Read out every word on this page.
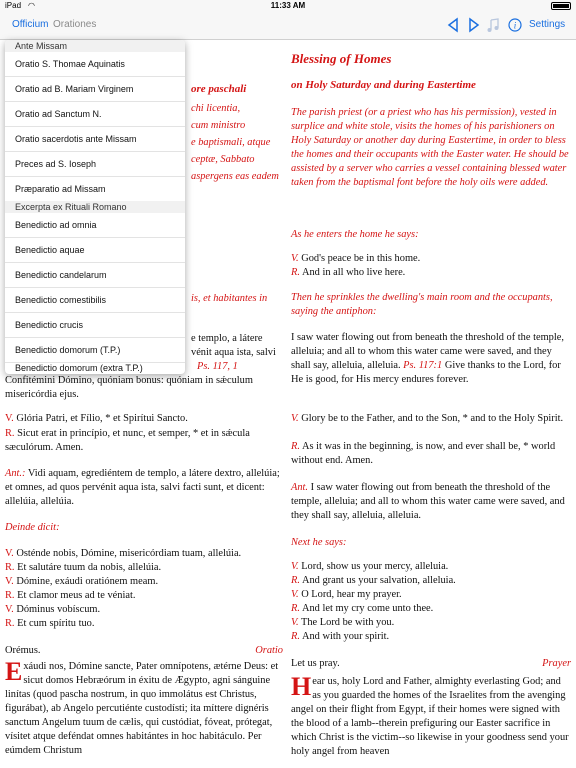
iPad ◠	11:33 AM
Officium Orationes	i Settings
ore paschali
chi licentia,
cum ministro
e baptismali, atque
ceptæ, Sabbato
aspergens eas eadem
is, et habitantes in
e templo, a látere
vénit aqua ista, salvi
Ps. 117, 1
Confitémini Dómino, quóniam bonus: quóniam in sǽculum misericórdia ejus.
V. Glória Patri, et Fílio, * et Spirítui Sancto.
R. Sicut erat in princípio, et nunc, et semper, * et in sǽcula sæculórum. Amen.
Ant.: Vidi aquam, egrediéntem de templo, a látere dextro, allelúia; et omnes, ad quos pervénit aqua ista, salvi facti sunt, et dicent: allelúia, allelúia.
Deinde dicit:
V. Osténde nobis, Dómine, misericórdiam tuam, allelúia.
R. Et salutáre tuum da nobis, allelúia.
V. Dómine, exáudi oratiónem meam.
R. Et clamor meus ad te véniat.
V. Dóminus vobíscum.
R. Et cum spíritu tuo.
Orémus.	Oratio
Exáudi nos, Dómine sancte, Pater omnípotens, ætérne Deus: et sicut domos Hebræórum in éxitu de Ægypto, agni sánguine linítas (quod pascha nostrum, in quo immolátus est Christus, figurábat), ab Angelo percutiénte custodísti; ita míttere dignéris sanctum Angelum tuum de cælis, qui custódiat, fóveat, prótegat, vísitet atque deféndat omnes habitántes in hoc habitáculo. Per eúmdem Christum
Blessing of Homes
on Holy Saturday and during Eastertime
The parish priest (or a priest who has his permission), vested in surplice and white stole, visits the homes of his parishioners on Holy Saturday or another day during Eastertime, in order to bless the homes and their occupants with the Easter water. He should be assisted by a server who carries a vessel containing blessed water taken from the baptismal font before the holy oils were added.
As he enters the home he says:
V. God's peace be in this home.
R. And in all who live here.
Then he sprinkles the dwelling's main room and the occupants, saying the antiphon:
I saw water flowing out from beneath the threshold of the temple, alleluia; and all to whom this water came were saved, and they shall say, alleluia, alleluia. Ps. 117:1 Give thanks to the Lord, for He is good, for His mercy endures forever.
V. Glory be to the Father, and to the Son, * and to the Holy Spirit.
R. As it was in the beginning, is now, and ever shall be, * world without end. Amen.
Ant. I saw water flowing out from beneath the threshold of the temple, alleluia; and all to whom this water came were saved, and they shall say, alleluia, alleluia.
Next he says:
V. Lord, show us your mercy, alleluia.
R. And grant us your salvation, alleluia.
V. O Lord, hear my prayer.
R. And let my cry come unto thee.
V. The Lord be with you.
R. And with your spirit.
Let us pray.	Prayer
Hear us, holy Lord and Father, almighty everlasting God; and as you guarded the homes of the Israelites from the avenging angel on their flight from Egypt, if their homes were signed with the blood of a lamb--therein prefiguring our Easter sacrifice in which Christ is the victim--so likewise in your goodness send your holy angel from heaven
Ante Missam
Oratio S. Thomae Aquinatis
Oratio ad B. Mariam Virginem
Oratio ad Sanctum N.
Oratio sacerdotis ante Missam
Preces ad S. Ioseph
Præparatio ad Missam
Excerpta ex Rituali Romano
Benedictio ad omnia
Benedictio aquae
Benedictio candelarum
Benedictio comestibilis
Benedictio crucis
Benedictio domorum (T.P.)
Benedictio domorum (extra T.P.)
